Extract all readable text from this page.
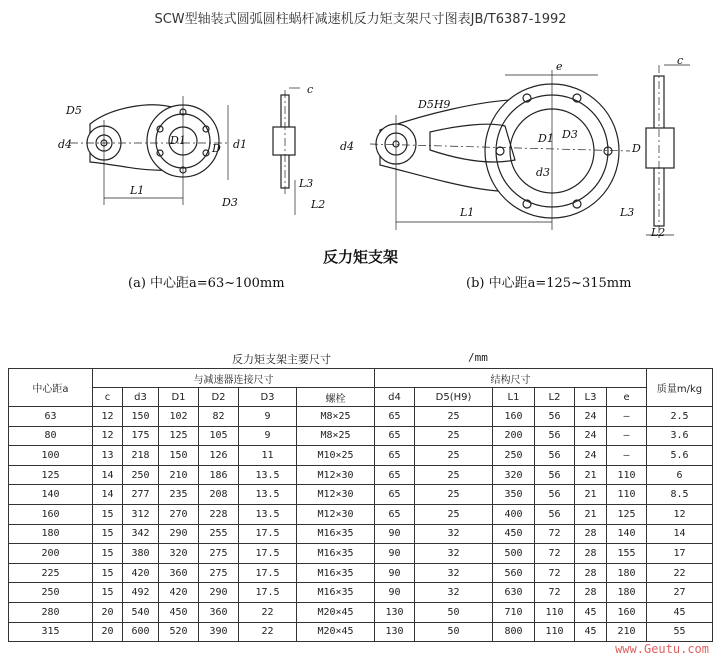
SCW型轴装式圆弧圆柱蜗杆减速机反力矩支架尺寸图表JB/T6387-1992
D5
d4	D1
D
D3
d1
L1
L3
L2
c
D5H9
d4
e
D1 D3
d3
D
L1	L3
L2
c
反力矩支架
(a) 中心距a=63~100mm	(b) 中心距a=125~315mm
反力矩支架主要尺寸	/mm
中心距a	与减速器连接尺寸						结构尺寸						质量m/kg
	c	d3	D1	D2	D3	螺栓	d4	D5(H9)	L1	L2	L3	e	
63	12	150	102	82	9	M8×25	65	25	160	56	24	—	2.5
80	12	175	125	105	9	M8×25	65	25	200	56	24	—	3.6
100	13	218	150	126	11	M10×25	65	25	250	56	24	—	5.6
125	14	250	210	186	13.5	M12×30	65	25	320	56	21	110	6
140	14	277	235	208	13.5	M12×30	65	25	350	56	21	110	8.5
160	15	312	270	228	13.5	M12×30	65	25	400	56	21	125	12
180	15	342	290	255	17.5	M16×35	90	32	450	72	28	140	14
200	15	380	320	275	17.5	M16×35	90	32	500	72	28	155	17
225	15	420	360	275	17.5	M16×35	90	32	560	72	28	180	22
250	15	492	420	290	17.5	M16×35	90	32	630	72	28	180	27
280	20	540	450	360	22	M20×45	130	50	710	110	45	160	45
315	20	600	520	390	22	M20×45	130	50	800	110	45	210	55
www.Geutu.com
